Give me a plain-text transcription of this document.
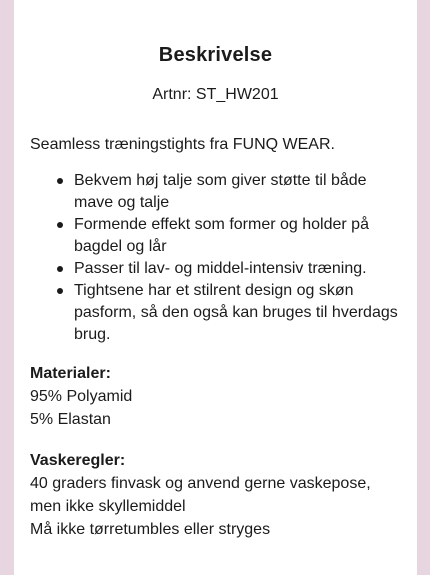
Beskrivelse
Artnr: ST_HW201
Seamless træningstights fra FUNQ WEAR.
Bekvem høj talje som giver støtte til både mave og talje
Formende effekt som former og holder på bagdel og lår
Passer til lav- og middel-intensiv træning.
Tightsene har et stilrent design og skøn pasform, så den også kan bruges til hverdags brug.
Materialer:
95% Polyamid
5% Elastan
Vaskeregler:
40 graders finvask og anvend gerne vaskepose, men ikke skyllemiddel
Må ikke tørretumbles eller stryges
